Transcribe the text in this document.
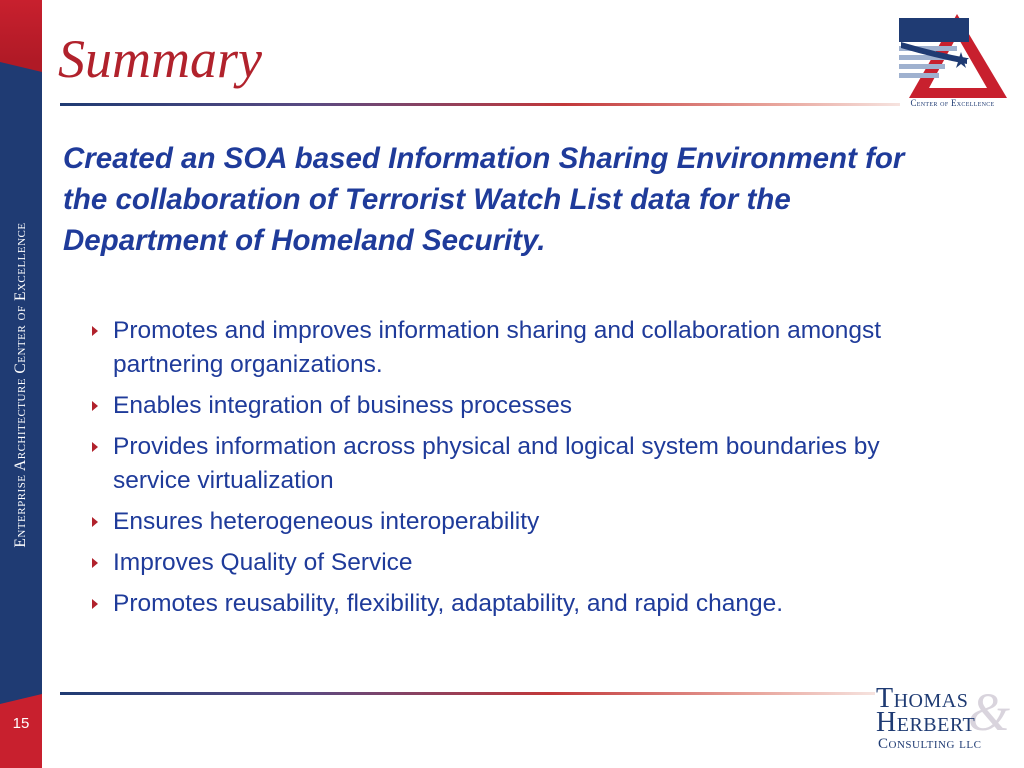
Enterprise Architecture Center of Excellence
15
Summary
Center of Excellence

Created an SOA based Information Sharing Environment for the collaboration of Terrorist Watch List data for the Department of Homeland Security.

Promotes and improves information sharing and collaboration amongst partnering organizations.
Enables integration of business processes
Provides information across physical and logical system boundaries by service virtualization
Ensures heterogeneous interoperability
Improves Quality of Service
Promotes reusability, flexibility, adaptability, and rapid change.
&
Thomas
Herbert
Consulting llc
